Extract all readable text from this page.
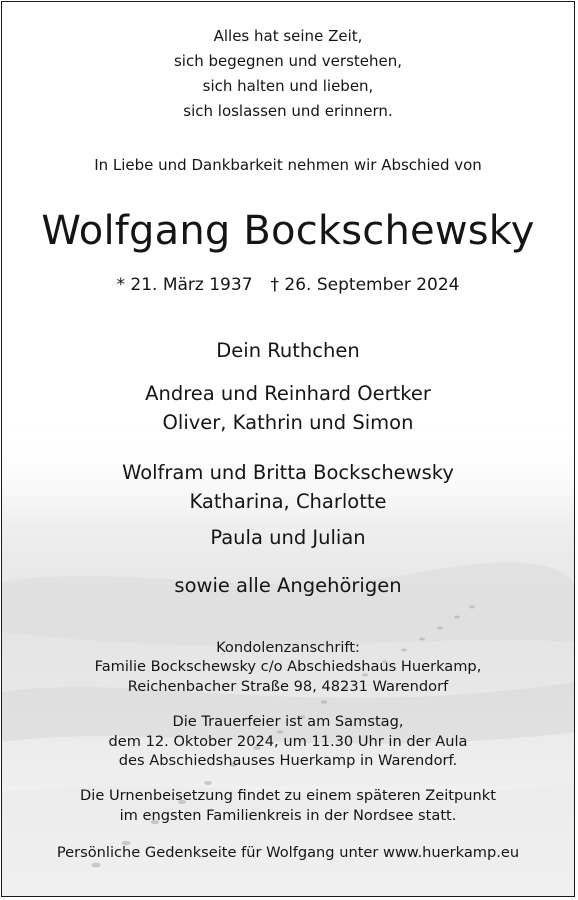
Alles hat seine Zeit,

sich begegnen und verstehen,

sich halten und lieben,

sich loslassen und erinnern.

In Liebe und Dankbarkeit nehmen wir Abschied von

Wolfgang Bockschewsky

* 21. März 1937 † 26. September 2024

Dein Ruthchen

Andrea und Reinhard Oertker

Oliver, Kathrin und Simon

Wolfram und Britta Bockschewsky

Katharina, Charlotte

Paula und Julian

sowie alle Angehörigen

Kondolenzanschrift:

Familie Bockschewsky c/o Abschiedshaus Huerkamp,

Reichenbacher Straße 98, 48231 Warendorf

Die Trauerfeier ist am Samstag,

dem 12. Oktober 2024, um 11.30 Uhr in der Aula

des Abschiedshauses Huerkamp in Warendorf.

Die Urnenbeisetzung findet zu einem späteren Zeitpunkt

im engsten Familienkreis in der Nordsee statt.

Persönliche Gedenkseite für Wolfgang unter www.huerkamp.eu
